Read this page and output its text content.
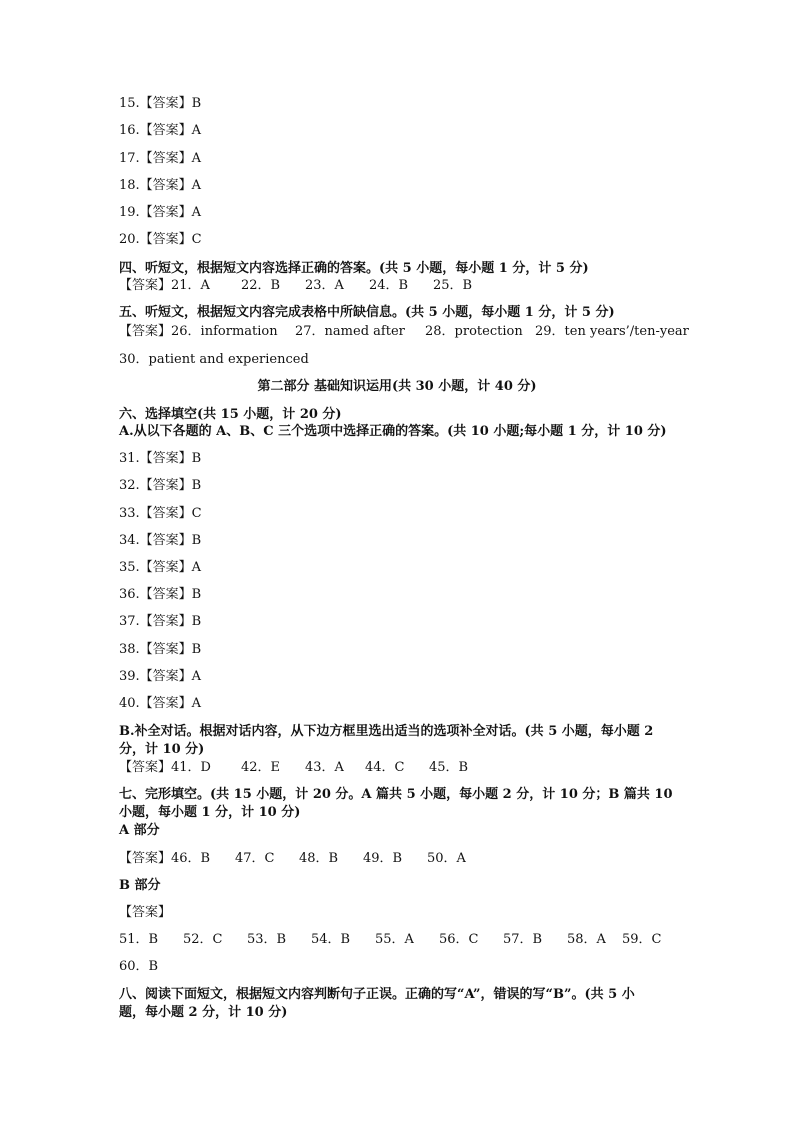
15.【答案】B
16.【答案】A
17.【答案】A
18.【答案】A
19.【答案】A
20.【答案】C
四、听短文，根据短文内容选择正确的答案。(共 5 小题，每小题 1 分，计 5 分)
【答案】21．A 22．B 23．A 24．B 25．B
五、听短文，根据短文内容完成表格中所缺信息。(共 5 小题，每小题 1 分，计 5 分)
【答案】26．information 27．named after 28．protection 29．ten years’/ten-year
30．patient and experienced
第二部分 基础知识运用(共 30 小题，计 40 分)
六、选择填空(共 15 小题，计 20 分)
A.从以下各题的 A、B、C 三个选项中选择正确的答案。(共 10 小题;每小题 1 分，计 10 分)
31.【答案】B
32.【答案】B
33.【答案】C
34.【答案】B
35.【答案】A
36.【答案】B
37.【答案】B
38.【答案】B
39.【答案】A
40.【答案】A
B.补全对话。根据对话内容，从下边方框里选出适当的选项补全对话。(共 5 小题，每小题 2
分，计 10 分)
【答案】41．D 42．E 43．A 44．C 45．B
七、完形填空。(共 15 小题，计 20 分。A 篇共 5 小题，每小题 2 分，计 10 分；B 篇共 10
小题，每小题 1 分，计 10 分)
A 部分
【答案】46．B 47．C 48．B 49．B 50．A
B 部分
【答案】
51．B 52．C 53．B 54．B 55．A 56．C 57．B 58．A 59．C
60．B
八、阅读下面短文，根据短文内容判断句子正误。正确的写“A”，错误的写“B”。(共 5 小
题，每小题 2 分，计 10 分)
